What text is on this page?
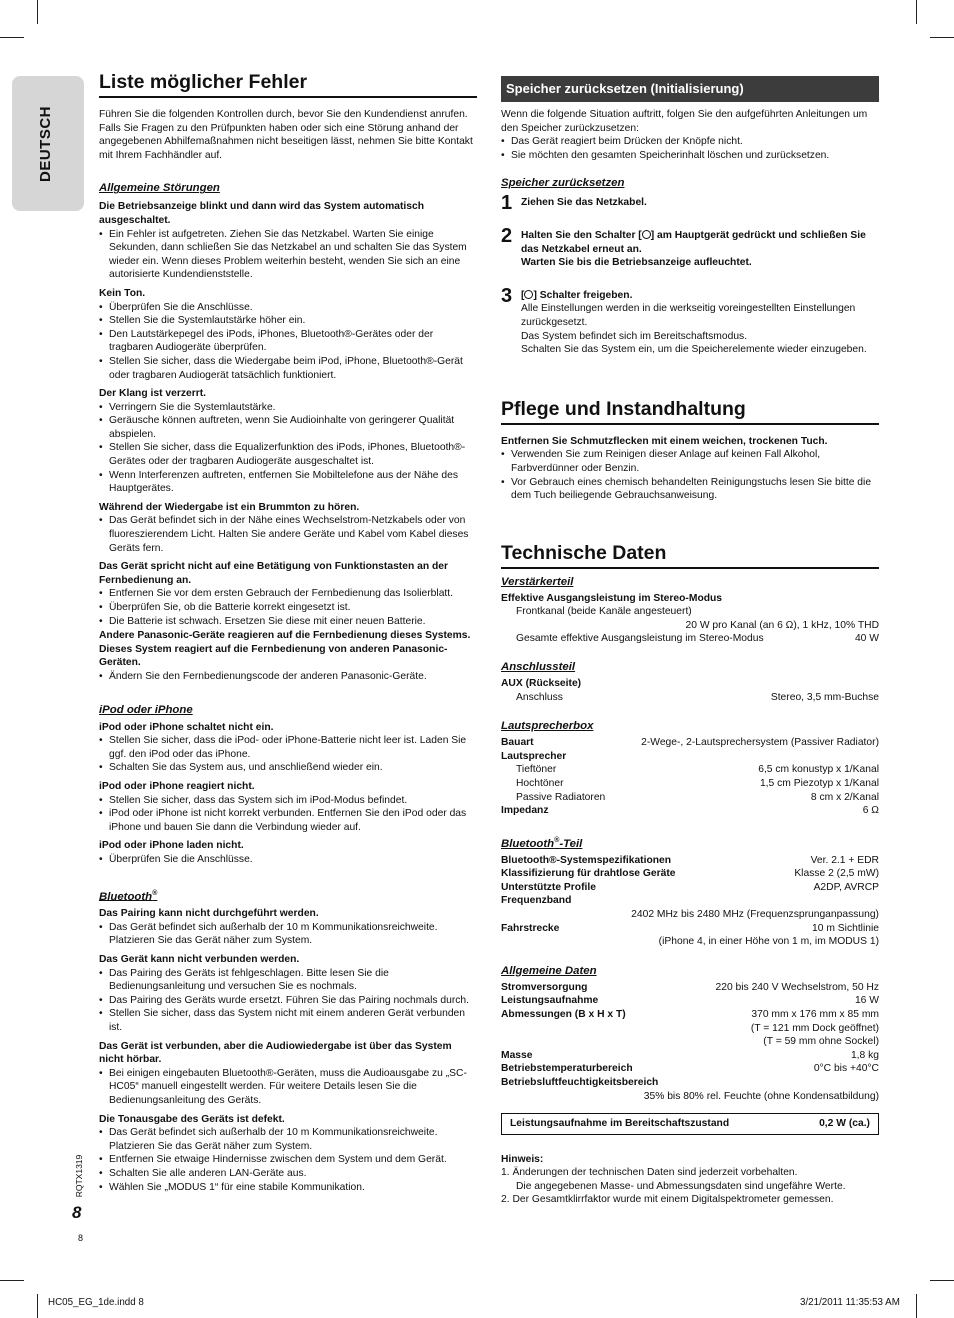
DEUTSCH
RQTX1319
8
8
Liste möglicher Fehler

Führen Sie die folgenden Kontrollen durch, bevor Sie den Kundendienst anrufen. Falls Sie Fragen zu den Prüfpunkten haben oder sich eine Störung anhand der angegebenen Abhilfemaßnahmen nicht beseitigen lässt, nehmen Sie bitte Kontakt mit Ihrem Fachhändler auf.

Allgemeine Störungen

Die Betriebsanzeige blinkt und dann wird das System automatisch ausgeschaltet.

• Ein Fehler ist aufgetreten. Ziehen Sie das Netzkabel. Warten Sie einige Sekunden, dann schließen Sie das Netzkabel an und schalten Sie das System wieder ein. Wenn dieses Problem weiterhin besteht, wenden Sie sich an eine autorisierte Kundendienststelle.

Kein Ton.

• Überprüfen Sie die Anschlüsse.
• Stellen Sie die Systemlautstärke höher ein.
• Den Lautstärkepegel des iPods, iPhones, Bluetooth®-Gerätes oder der tragbaren Audiogeräte überprüfen.
• Stellen Sie sicher, dass die Wiedergabe beim iPod, iPhone, Bluetooth®-Gerät oder tragbaren Audiogerät tatsächlich funktioniert.

Der Klang ist verzerrt.

• Verringern Sie die Systemlautstärke.
• Geräusche können auftreten, wenn Sie Audioinhalte von geringerer Qualität abspielen.
• Stellen Sie sicher, dass die Equalizerfunktion des iPods, iPhones, Bluetooth®-Gerätes oder der tragbaren Audiogeräte ausgeschaltet ist.
• Wenn Interferenzen auftreten, entfernen Sie Mobiltelefone aus der Nähe des Hauptgerätes.

Während der Wiedergabe ist ein Brummton zu hören.

• Das Gerät befindet sich in der Nähe eines Wechselstrom-Netzkabels oder von fluoreszierendem Licht. Halten Sie andere Geräte und Kabel vom Kabel dieses Geräts fern.

Das Gerät spricht nicht auf eine Betätigung von Funktionstasten an der Fernbedienung an.

• Entfernen Sie vor dem ersten Gebrauch der Fernbedienung das Isolierblatt.
• Überprüfen Sie, ob die Batterie korrekt eingesetzt ist.
• Die Batterie ist schwach. Ersetzen Sie diese mit einer neuen Batterie.

Andere Panasonic-Geräte reagieren auf die Fernbedienung dieses Systems.

Dieses System reagiert auf die Fernbedienung von anderen Panasonic-Geräten.

• Ändern Sie den Fernbedienungscode der anderen Panasonic-Geräte.
iPod oder iPhone

iPod oder iPhone schaltet nicht ein.

• Stellen Sie sicher, dass die iPod- oder iPhone-Batterie nicht leer ist. Laden Sie ggf. den iPod oder das iPhone.
• Schalten Sie das System aus, und anschließend wieder ein.

iPod oder iPhone reagiert nicht.

• Stellen Sie sicher, dass das System sich im iPod-Modus befindet.
• iPod oder iPhone ist nicht korrekt verbunden. Entfernen Sie den iPod oder das iPhone und bauen Sie dann die Verbindung wieder auf.

iPod oder iPhone laden nicht.

• Überprüfen Sie die Anschlüsse.
Bluetooth®

Das Pairing kann nicht durchgeführt werden.

• Das Gerät befindet sich außerhalb der 10 m Kommunikationsreichweite. Platzieren Sie das Gerät näher zum System.

Das Gerät kann nicht verbunden werden.

• Das Pairing des Geräts ist fehlgeschlagen. Bitte lesen Sie die Bedienungsanleitung und versuchen Sie es nochmals.
• Das Pairing des Geräts wurde ersetzt. Führen Sie das Pairing nochmals durch.
• Stellen Sie sicher, dass das System nicht mit einem anderen Gerät verbunden ist.

Das Gerät ist verbunden, aber die Audiowiedergabe ist über das System nicht hörbar.

• Bei einigen eingebauten Bluetooth®-Geräten, muss die Audioausgabe zu „SC-HC05“ manuell eingestellt werden. Für weitere Details lesen Sie die Bedienungsanleitung des Geräts.

Die Tonausgabe des Geräts ist defekt.

• Das Gerät befindet sich außerhalb der 10 m Kommunikationsreichweite. Platzieren Sie das Gerät näher zum System.
• Entfernen Sie etwaige Hindernisse zwischen dem System und dem Gerät.
• Schalten Sie alle anderen LAN-Geräte aus.
• Wählen Sie „MODUS 1“ für eine stabile Kommunikation.
Speicher zurücksetzen (Initialisierung)

Wenn die folgende Situation auftritt, folgen Sie den aufgeführten Anleitungen um den Speicher zurückzusetzen:

• Das Gerät reagiert beim Drücken der Knöpfe nicht.
• Sie möchten den gesamten Speicherinhalt löschen und zurücksetzen.
Speicher zurücksetzen
1 Ziehen Sie das Netzkabel.

2 Halten Sie den Schalter [ ] am Hauptgerät gedrückt und schließen Sie das Netzkabel erneut an.

Warten Sie bis die Betriebsanzeige aufleuchtet.

3 [ ] Schalter freigeben.

Alle Einstellungen werden in die werkseitig voreingestellten Einstellungen zurückgesetzt.

Das System befindet sich im Bereitschaftsmodus.

Schalten Sie das System ein, um die Speicherelemente wieder einzugeben.

Pflege und Instandhaltung

Entfernen Sie Schmutzflecken mit einem weichen, trockenen Tuch.

• Verwenden Sie zum Reinigen dieser Anlage auf keinen Fall Alkohol, Farbverdünner oder Benzin.
• Vor Gebrauch eines chemisch behandelten Reinigungstuchs lesen Sie bitte die dem Tuch beiliegende Gebrauchsanweisung.
Technische Daten
Verstärkerteil

Effektive Ausgangsleistung im Stereo-Modus

Frontkanal (beide Kanäle angesteuert)

20 W pro Kanal (an 6 Ω), 1 kHz, 10% THD

Gesamte effektive Ausgangsleistung im Stereo-Modus	40 W
Anschlussteil

AUX (Rückseite)

Anschluss	Stereo, 3,5 mm-Buchse
Lautsprecherbox
Bauart	2-Wege-, 2-Lautsprechersystem (Passiver Radiator)

Lautsprecher

Tieftöner	6,5 cm konustyp x 1/Kanal
Hochtöner	1,5 cm Piezotyp x 1/Kanal
Passive Radiatoren	8 cm x 2/Kanal
Impedanz	6 Ω
Bluetooth®-Teil
Bluetooth®-Systemspezifikationen	Ver. 2.1 + EDR
Klassifizierung für drahtlose Geräte	Klasse 2 (2,5 mW)
Unterstützte Profile	A2DP, AVRCP

Frequenzband

2402 MHz bis 2480 MHz (Frequenzsprunganpassung)

Fahrstrecke	10 m Sichtlinie

(iPhone 4, in einer Höhe von 1 m, im MODUS 1)

Allgemeine Daten
Stromversorgung	220 bis 240 V Wechselstrom, 50 Hz
Leistungsaufnahme	16 W
Abmessungen (B x H x T)	370 mm x 176 mm x 85 mm

(T = 121 mm Dock geöffnet)

(T = 59 mm ohne Sockel)

Masse	1,8 kg
Betriebstemperaturbereich	0°C bis +40°C

Betriebsluftfeuchtigkeitsbereich

35% bis 80% rel. Feuchte (ohne Kondensatbildung)

Leistungsaufnahme im Bereitschaftszustand	0,2 W (ca.)

Hinweis:

1. Änderungen der technischen Daten sind jederzeit vorbehalten.

Die angegebenen Masse- und Abmessungsdaten sind ungefähre Werte.

2. Der Gesamtklirrfaktor wurde mit einem Digitalspektrometer gemessen.

HC05_EG_1de.indd 8	3/21/2011 11:35:53 AM
